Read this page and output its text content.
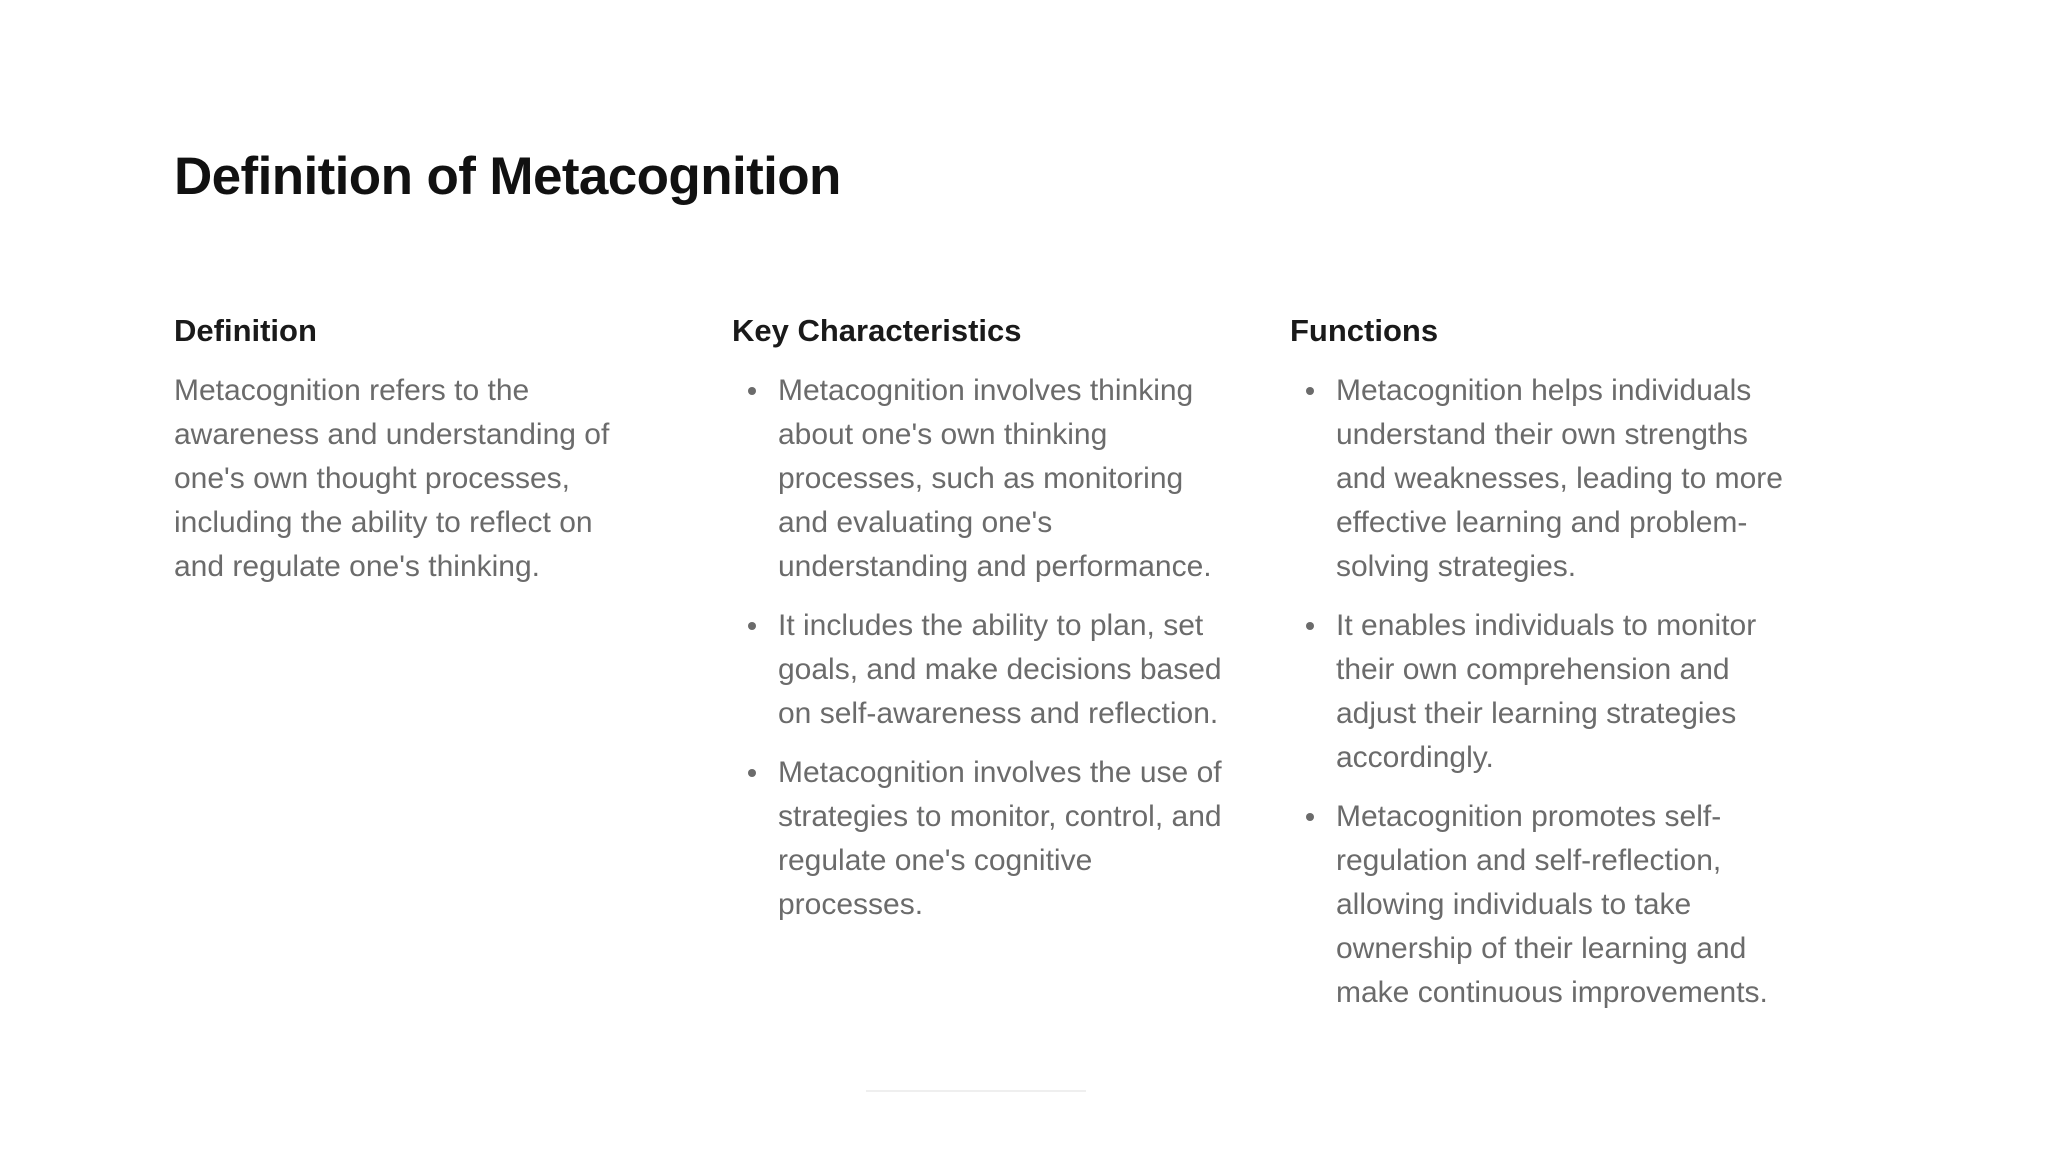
Definition of Metacognition
Definition

Metacognition refers to the awareness and understanding of one's own thought processes, including the ability to reflect on and regulate one's thinking.

Key Characteristics
Metacognition involves thinking about one's own thinking processes, such as monitoring and evaluating one's understanding and performance.
It includes the ability to plan, set goals, and make decisions based on self-awareness and reflection.
Metacognition involves the use of strategies to monitor, control, and regulate one's cognitive processes.
Functions
Metacognition helps individuals understand their own strengths and weaknesses, leading to more effective learning and problem-solving strategies.
It enables individuals to monitor their own comprehension and adjust their learning strategies accordingly.
Metacognition promotes self-regulation and self-reflection, allowing individuals to take ownership of their learning and make continuous improvements.
